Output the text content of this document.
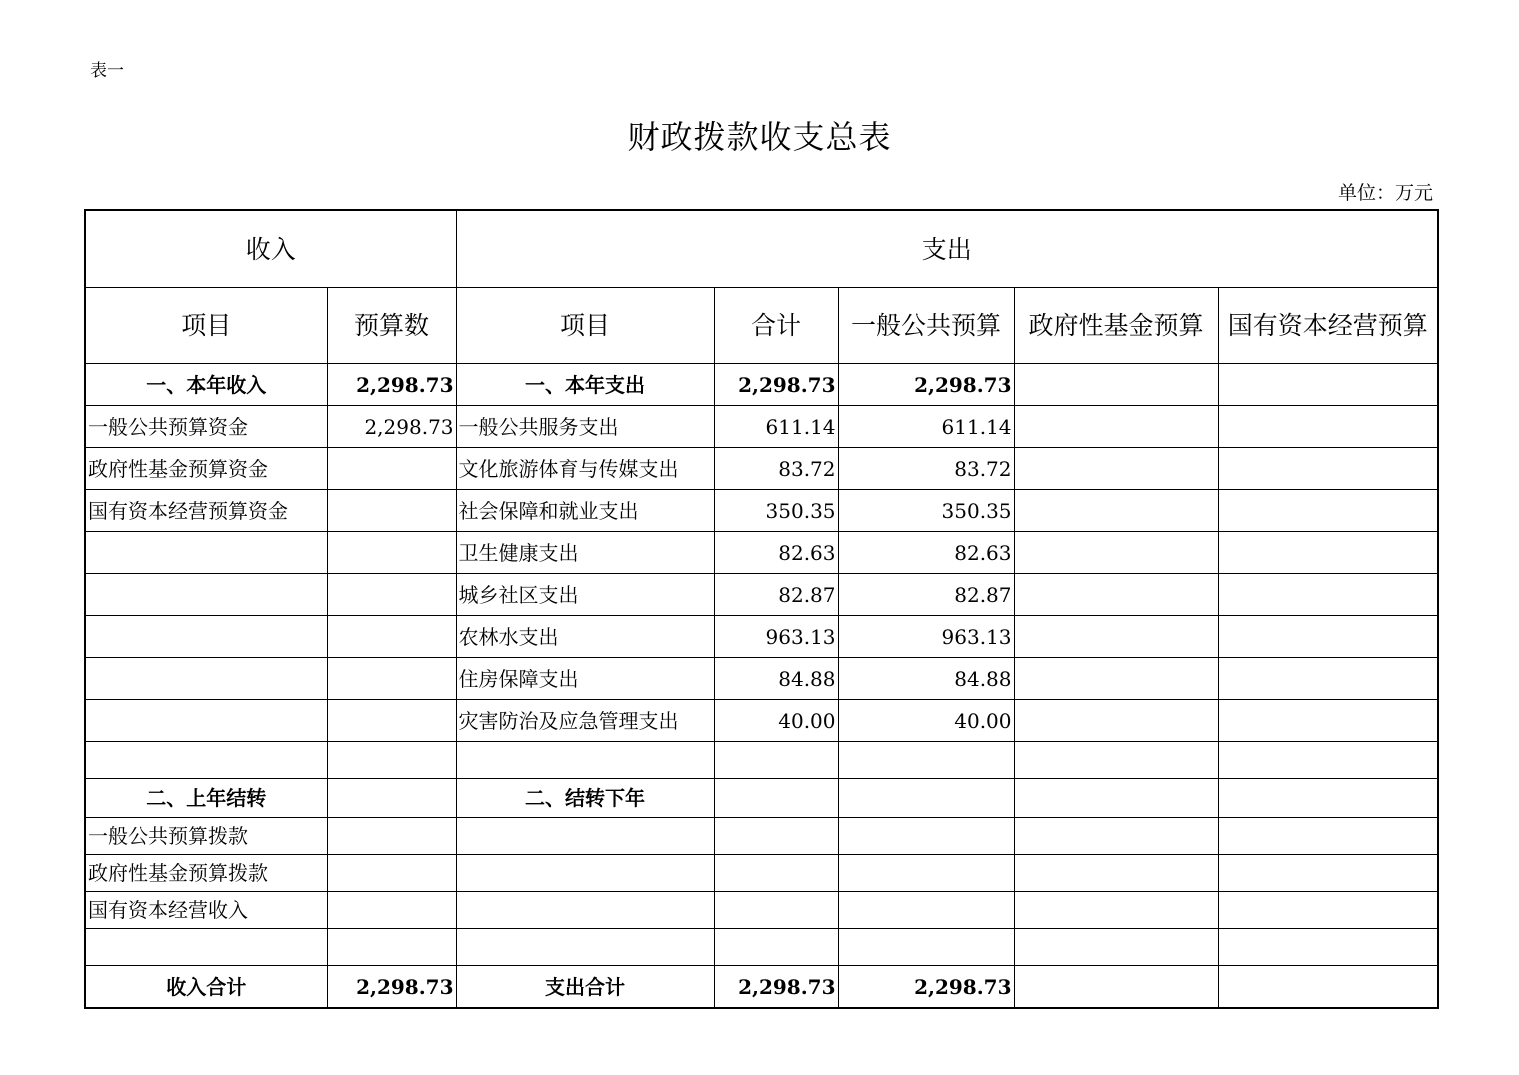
表一
财政拨款收支总表
单位：万元
收入		支出				
项目	预算数	项目	合计	一般公共预算	政府性基金预算	国有资本经营预算
一、本年收入	2,298.73	一、本年支出	2,298.73	2,298.73		
一般公共预算资金	2,298.73	一般公共服务支出	611.14	611.14		
政府性基金预算资金		文化旅游体育与传媒支出	83.72	83.72		
国有资本经营预算资金		社会保障和就业支出	350.35	350.35		
		卫生健康支出	82.63	82.63		
		城乡社区支出	82.87	82.87		
		农林水支出	963.13	963.13		
		住房保障支出	84.88	84.88		
		灾害防治及应急管理支出	40.00	40.00		

二、上年结转		二、结转下年				
一般公共预算拨款						
政府性基金预算拨款						
国有资本经营收入						

收入合计	2,298.73	支出合计	2,298.73	2,298.73		
